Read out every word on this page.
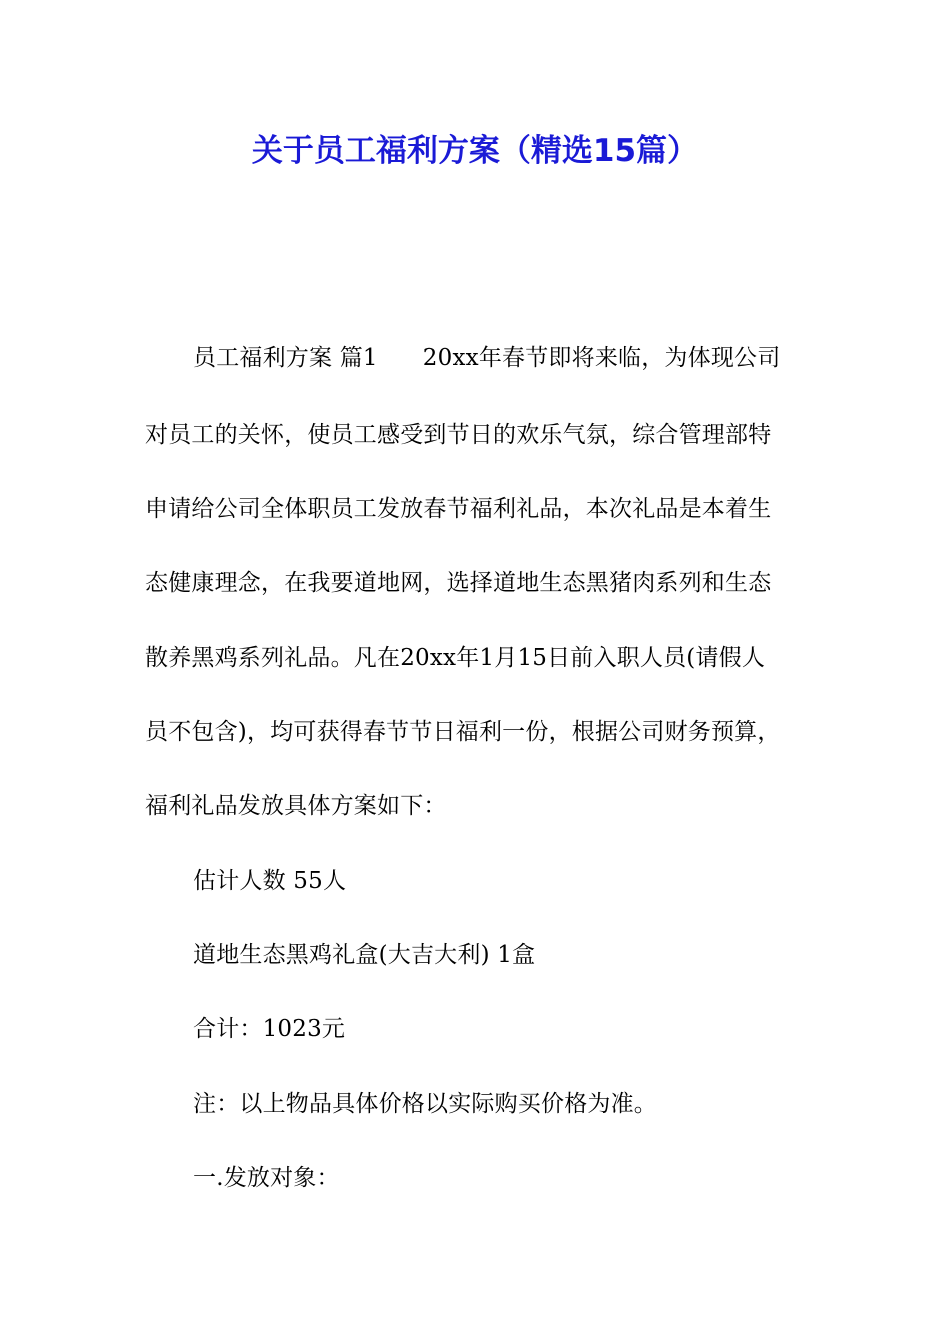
关于员工福利方案（精选15篇）

员工福利方案 篇1      20xx年春节即将来临，为体现公司

对员工的关怀，使员工感受到节日的欢乐气氛，综合管理部特

申请给公司全体职员工发放春节福利礼品，本次礼品是本着生

态健康理念，在我要道地网，选择道地生态黑猪肉系列和生态

散养黑鸡系列礼品。凡在20xx年1月15日前入职人员(请假人

员不包含)，均可获得春节节日福利一份，根据公司财务预算，

福利礼品发放具体方案如下：

估计人数 55人

道地生态黑鸡礼盒(大吉大利) 1盒

合计：1023元

注：以上物品具体价格以实际购买价格为准。

一.发放对象：
